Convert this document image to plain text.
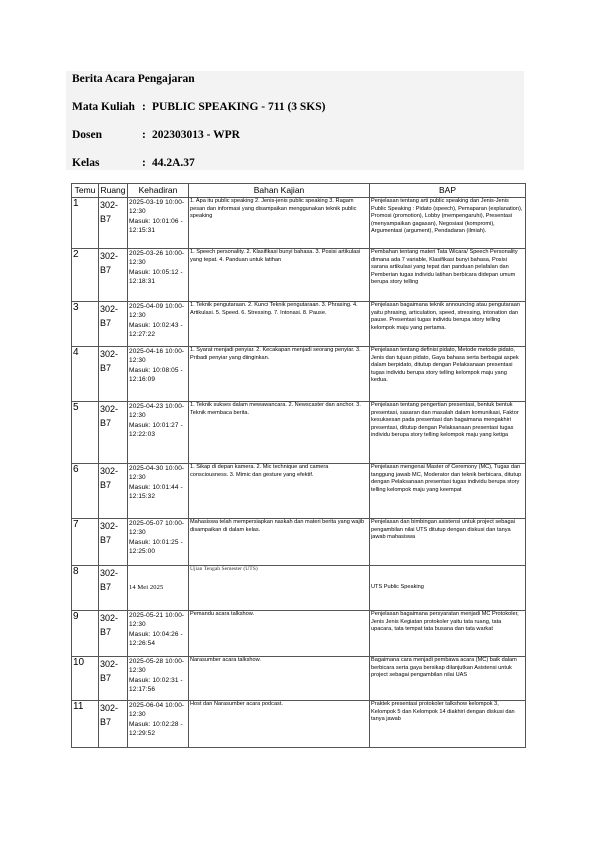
Berita Acara Pengajaran
Mata Kuliah : PUBLIC SPEAKING - 711 (3 SKS)
Dosen	: 202303013 - WPR
Kelas	: 44.2A.37
Temu	Ruang	Kehadiran	Bahan Kajian	BAP
1	302-B7	2025-03-19 10:00-12:30
Masuk: 10:01:06 - 12:15:31	1. Apa itu public speaking 2. Jenis-jenis public speaking 3. Ragam pesan dan informasi yang disampaikan menggunakan teknik public speaking	Penjelasan tentang arti public speaking dan Jenis-Jenis Public Speaking : Pidato (speech), Pemaparan (explanation), Promosi (promotion), Lobby (mempengaruhi), Presentasi (menyampaikan gagasan), Negosiasi (kompromi), Argumentasi (argument), Pendadaran (ilmiah).
2	302-B7	2025-03-26 10:00-12:30
Masuk: 10:05:12 - 12:18:31	1. Speech personality. 2. Klasifikasi bunyi bahasa. 3. Posisi artikulasi yang tepat. 4. Panduan untuk latihan	Pembahan tentang materi Tata Wicara/ Speech Personality dimana ada 7 variable, Klasifikasi bunyi bahasa, Posisi sarana artikulasi yang tepat dan panduan pelafalan dan Pemberian tugas individu latihan berbicara didepan umum berupa story telling
3	302-B7	2025-04-09 10:00-12:30
Masuk: 10:02:43 - 12:27:22	1. Teknik pengutaraan. 2. Kunci Teknik pengutaraan. 3. Phrasing. 4. Artikulasi. 5. Speed. 6. Stressing. 7. Intonasi. 8. Pause.	Penjelasan bagaimana teknik announcing atau pengutaraan yaitu phrasing, articulation, speed, stressing, intonation dan pause. Presentasi tugas individu berupa story telling kelompok maju yang pertama.
4	302-B7	2025-04-16 10:00-12:30
Masuk: 10:08:05 - 12:16:09	1. Syarat menjadi penyiar. 2. Kecakapan menjadi seorang penyiar. 3. Pribadi penyiar yang diinginkan.	Penjelasan tentang definisi pidato, Metode metode pidato, Jenis dan tujuan pidato, Gaya bahasa serta berbagai aspek dalam berpidato, ditutup dengan Pelaksanaan presentasi tugas individu berupa story telling kelompok maju yang kedua.
5	302-B7	2025-04-23 10:00-12:30
Masuk: 10:01:27 - 12:22:03	1. Teknik sukses dalam mewawancara. 2. Newscaster dan anchor. 3. Teknik membaca berita.	Penjelasan tentang pengertian presentasi, bentuk bentuk presentasi, sasaran dan masalah dalam komunikasi, Faktor kesuksesan pada presentasi dan bagaimana mengakhiri presentasi, ditutup dengan Pelaksanaan presentasi tugas individu berupa story telling kelompok maju yang ketiga
6	302-B7	2025-04-30 10:00-12:30
Masuk: 10:01:44 - 12:15:32	1. Sikap di depan kamera. 2. Mic technique and camera consciousness. 3. Mimic dan gesture yang efektif.	Penjelasan mengenai Master of Ceremony (MC), Tugas dan tanggung jawab MC, Moderator dan teknik berbicara, ditutup dengan Pelaksanaan presentasi tugas individu berupa story telling kelompok maju yang keempat
7	302-B7	2025-05-07 10:00-12:30
Masuk: 10:01:25 - 12:25:00	Mahasiswa telah mempersiapkan naskah dan materi berita yang wajib disampaikan di dalam kelas.	Penjelasan dan bimbingan asistensi untuk project sebagai pengambilan nilai UTS ditutup dengan diskusi dan tanya jawab mahasiswa
8	302-B7	14 Mei 2025	Ujian Tengah Semester (UTS)	UTS Public Speaking
9	302-B7	2025-05-21 10:00-12:30
Masuk: 10:04:26 - 12:26:54	Pemandu acara talkshow.	Penjelasan bagaimana persyaratan menjadi MC Protokoler, Jenis Jenis Kegiatan protokoler yaitu tata ruang, tata upacara, tata tempat tata busana dan tata warkat
10	302-B7	2025-05-28 10:00-12:30
Masuk: 10:02:31 - 12:17:56	Narasumber acara talkshow.	Bagaimana cara menjadi pembawa acara (MC) baik dalam berbicara serta gaya bersikap dilanjutkan Asistensi untuk project sebagai pengambilan nilai UAS
11	302-B7	2025-06-04 10:00-12:30
Masuk: 10:02:28 - 12:29:52	Host dan Narasumber acara podcast.	Praktek presentasi protokoler talkshow kelompok 3, Kelompok 5 dan Kelompok 14 diakhiri dengan diskusi dan tanya jawab
